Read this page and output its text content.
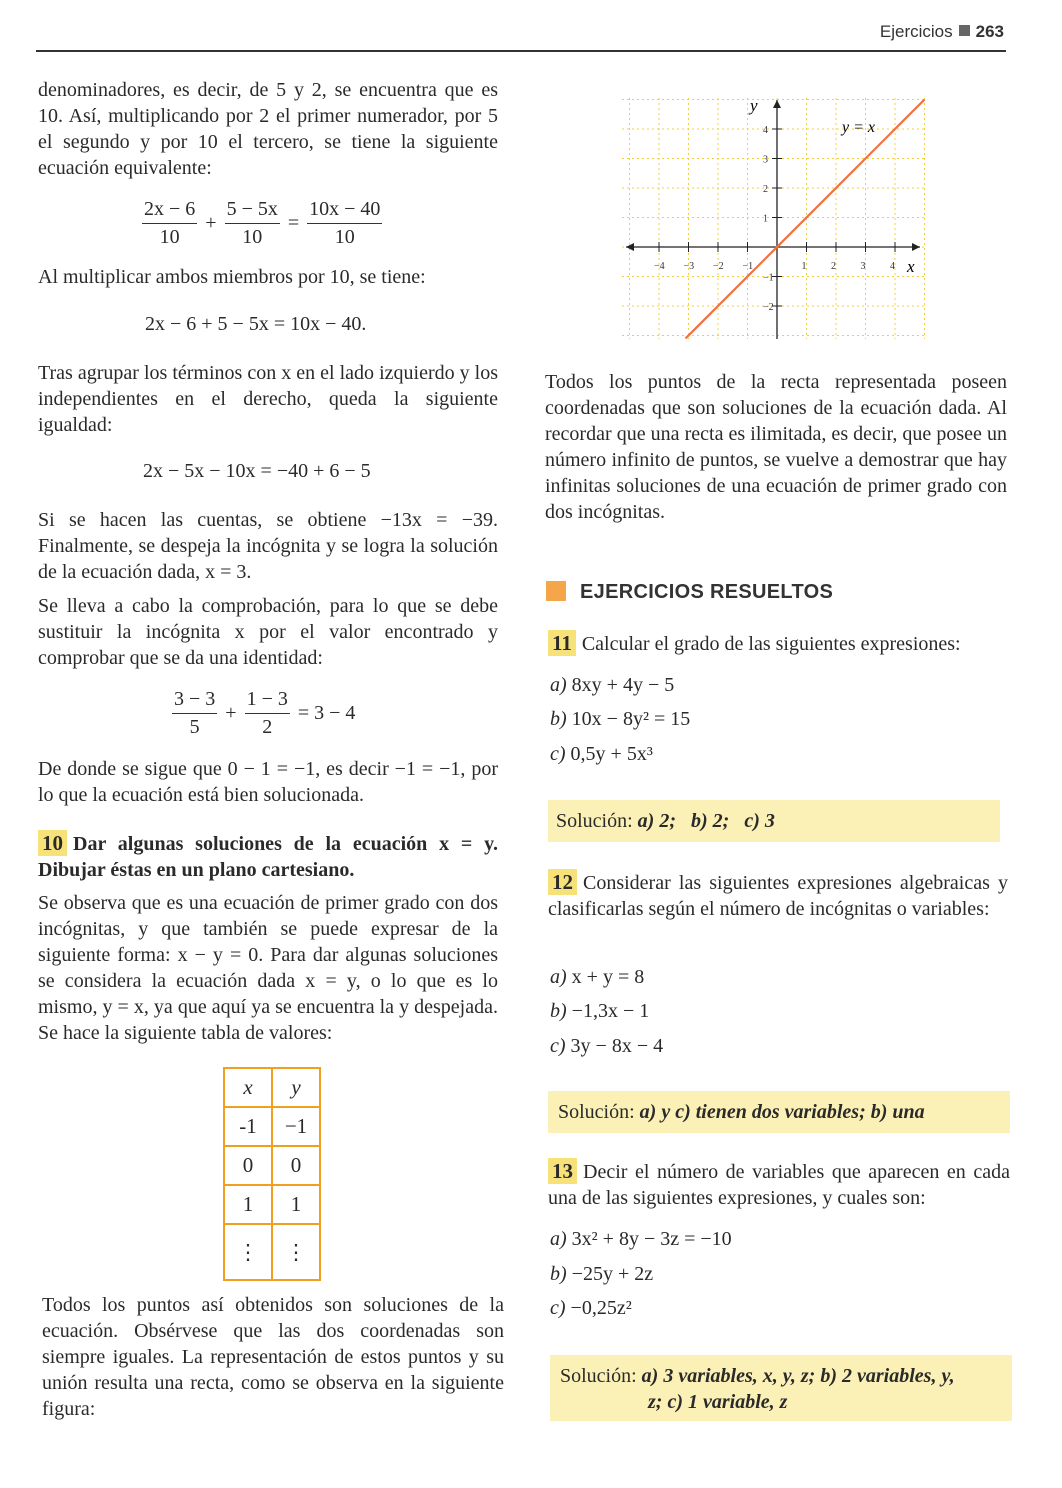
Ejercicios 263

denominadores, es decir, de 5 y 2, se encuentra que es 10. Así, multiplicando por 2 el primer numerador, por 5 el segundo y por 10 el tercero, se tiene la siguiente ecuación equivalente:

$\frac{2x - 6}{10} + \frac{5 - 5x}{10} = \frac{10x - 40}{10}$

Al multiplicar ambos miembros por 10, se tiene:

2x − 6 + 5 − 5x = 10x − 40.

Tras agrupar los términos con x en el lado izquierdo y los independientes en el derecho, queda la siguiente igualdad:

2x − 5x − 10x = −40 + 6 − 5

Si se hacen las cuentas, se obtiene −13x = −39. Finalmente, se despeja la incógnita y se logra la solución de la ecuación dada, x = 3.

Se lleva a cabo la comprobación, para lo que se debe sustituir la incógnita x por el valor encontrado y comprobar que se da una identidad:

$\frac{3 - 3}{5} + \frac{1 - 3}{2} = 3 - 4$

De donde se sigue que 0 − 1 = −1, es decir −1 = −1, por lo que la ecuación está bien solucionada.

10 Dar algunas soluciones de la ecuación x = y. Dibujar éstas en un plano cartesiano.

Se observa que es una ecuación de primer grado con dos incógnitas, y que también se puede expresar de la siguiente forma: x − y = 0. Para dar algunas soluciones se considera la ecuación dada x = y, o lo que es lo mismo, y = x, ya que aquí ya se encuentra la y despejada. Se hace la siguiente tabla de valores:

x	y
-1	−1
0	0
1	1
⋮	⋮

Todos los puntos así obtenidos son soluciones de la ecuación. Obsérvese que las dos coordenadas son siempre iguales. La representación de estos puntos y su unión resulta una recta, como se observa en la siguiente figura:

−4 −3 −2 −1	1 2 3 4
4
3
2
1
−1
−2
y = x
x
y

Todos los puntos de la recta representada poseen coordenadas que son soluciones de la ecuación dada. Al recordar que una recta es ilimitada, es decir, que posee un número infinito de puntos, se vuelve a demostrar que hay infinitas soluciones de una ecuación de primer grado con dos incógnitas.

EJERCICIOS RESUELTOS
11 Calcular el grado de las siguientes expresiones:
a) 8xy + 4y − 5
b) 10x − 8y² = 15
c) 0,5y + 5x³
Solución: a) 2;   b) 2;   c) 3
12 Considerar las siguientes expresiones algebraicas y clasificarlas según el número de incógnitas o variables:
a) x + y = 8
b) −1,3x − 1
c) 3y − 8x − 4
Solución: a) y c) tienen dos variables; b) una
13 Decir el número de variables que aparecen en cada una de las siguientes expresiones, y cuales son:
a) 3x² + 8y − 3z = −10
b) −25y + 2z
c) −0,25z²
Solución: a) 3 variables, x, y, z; b) 2 variables, y,
z; c) 1 variable, z
